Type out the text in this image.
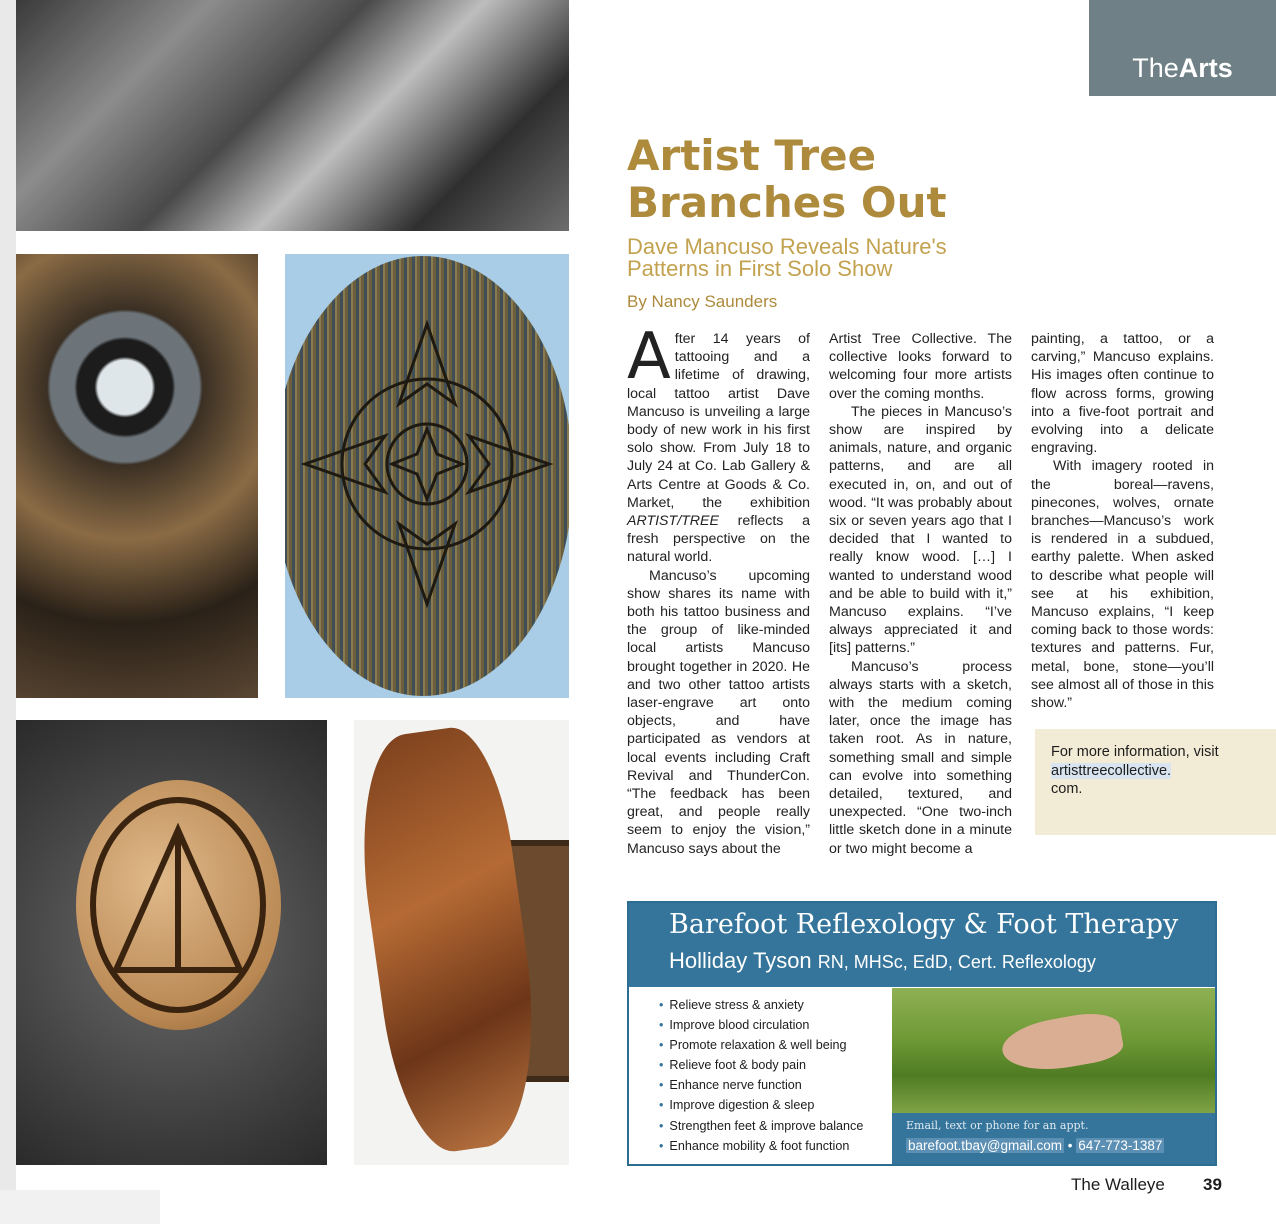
The Arts
Artist Tree
Branches Out
Dave Mancuso Reveals Nature's
Patterns in First Solo Show
By Nancy Saunders

After 14 years of tattooing and a lifetime of drawing, local tattoo artist Dave Mancuso is unveiling a large body of new work in his first solo show. From July 18 to July 24 at Co. Lab Gallery & Arts Centre at Goods & Co. Market, the exhibition ARTIST/TREE reflects a fresh perspective on the natural world.

Mancuso’s upcoming show shares its name with both his tattoo business and the group of like-minded local artists Mancuso brought together in 2020. He and two other tattoo artists laser-engrave art onto objects, and have participated as vendors at local events including Craft Revival and ThunderCon. “The feedback has been great, and people really seem to enjoy the vision,” Mancuso says about the

Artist Tree Collective. The collective looks forward to welcoming four more artists over the coming months.

The pieces in Mancuso’s show are inspired by animals, nature, and organic patterns, and are all executed in, on, and out of wood. “It was probably about six or seven years ago that I decided that I wanted to really know wood. […] I wanted to understand wood and be able to build with it,” Mancuso explains. “I’ve always appreciated it and [its] patterns.”

Mancuso’s process always starts with a sketch, with the medium coming later, once the image has taken root. As in nature, something small and simple can evolve into something detailed, textured, and unexpected. “One two-inch little sketch done in a minute or two might become a

painting, a tattoo, or a carving,” Mancuso explains. His images often continue to flow across forms, growing into a five-foot portrait and evolving into a delicate engraving.

With imagery rooted in the boreal—ravens, pinecones, wolves, ornate branches—Mancuso’s work is rendered in a subdued, earthy palette. When asked to describe what people will see at his exhibition, Mancuso explains, “I keep coming back to those words: textures and patterns. Fur, metal, bone, stone—you’ll see almost all of those in this show.”

For more information, visit
artisttreecollective.
com.
Barefoot Reflexology & Foot Therapy
Holliday Tyson RN, MHSc, EdD, Cert. Reflexology
• Relieve stress & anxiety
• Improve blood circulation
• Promote relaxation & well being
• Relieve foot & body pain
• Enhance nerve function
• Improve digestion & sleep
• Strengthen feet & improve balance
• Enhance mobility & foot function
Email, text or phone for an appt.
barefoot.tbay@gmail.com • 647-773-1387
The Walleye 39
